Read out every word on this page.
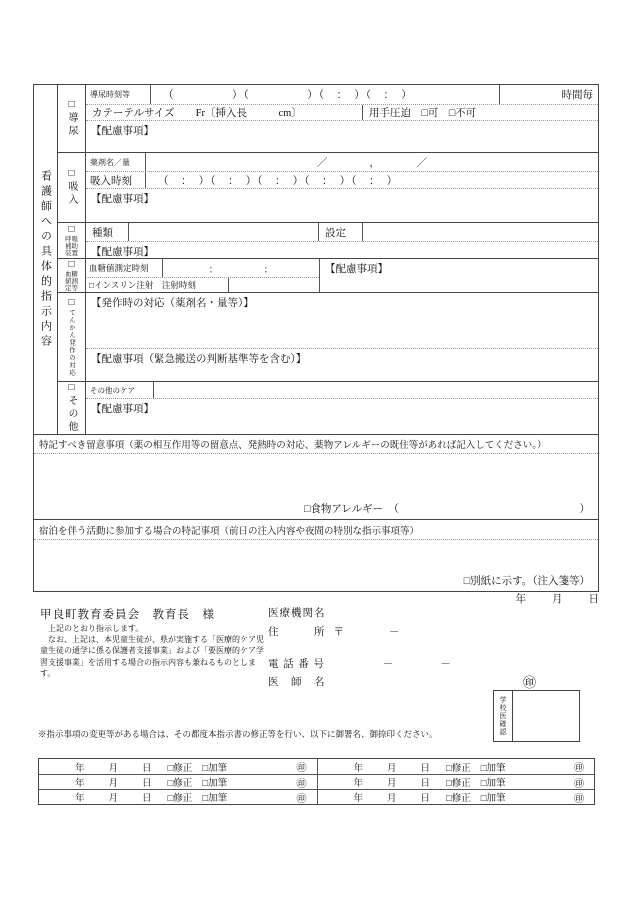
看護師への具体的指示内容
□
導尿
導尿時刻等	（　　　　　）（　　　　　）（　：　）（　：　）	時間毎
カテーテルサイズ　　Fr〔挿入長　　　cm〕	用手圧迫　□可　□不可
【配慮事項】
□
吸入
薬剤名／量	／　　　　，　　　　／
吸入時刻	（　：　）（　：　）（　：　）（　：　）（　：　）
【配慮事項】
□
呼吸補助装置
種類	設定
【配慮事項】
□
血糖値測定等
血糖値測定時刻	：　　　　　：
□インスリン注射　注射時刻
【配慮事項】
□
てんかん発作の対応
【発作時の対応（薬剤名・量等）】
【配慮事項（緊急搬送の判断基準等を含む）】
□
その他
その他のケア
【配慮事項】
特記すべき留意事項（薬の相互作用等の留意点、発熱時の対応、薬物アレルギーの既住等があれば記入してください。）
□食物アレルギー　（	）
宿泊を伴う活動に参加する場合の特記事項（前日の注入内容や夜間の特別な指示事項等）
□別紙に示す。（注入箋等）
年 月 日
甲良町教育委員会　教育長　様

上記のとおり指示します。

なお、上記は、本児童生徒が、県が実施する「医療的ケア児童生徒の通学に係る保護者支援事業」および「要医療的ケア学習支援事業」を活用する場合の指示内容も兼ねるものとします。

医療機関名
住　　　所 〒	－
電 話 番 号	－	－
医　師　名	㊞
学校医確認
※指示事項の変更等がある場合は、その都度本指示書の修正等を行い、以下に御署名、御捺印ください。
年	月	日 □修正 □加筆	㊞	年	月	日 □修正 □加筆	㊞
年	月	日 □修正 □加筆	㊞	年	月	日 □修正 □加筆	㊞
年	月	日 □修正 □加筆	㊞	年	月	日 □修正 □加筆	㊞
